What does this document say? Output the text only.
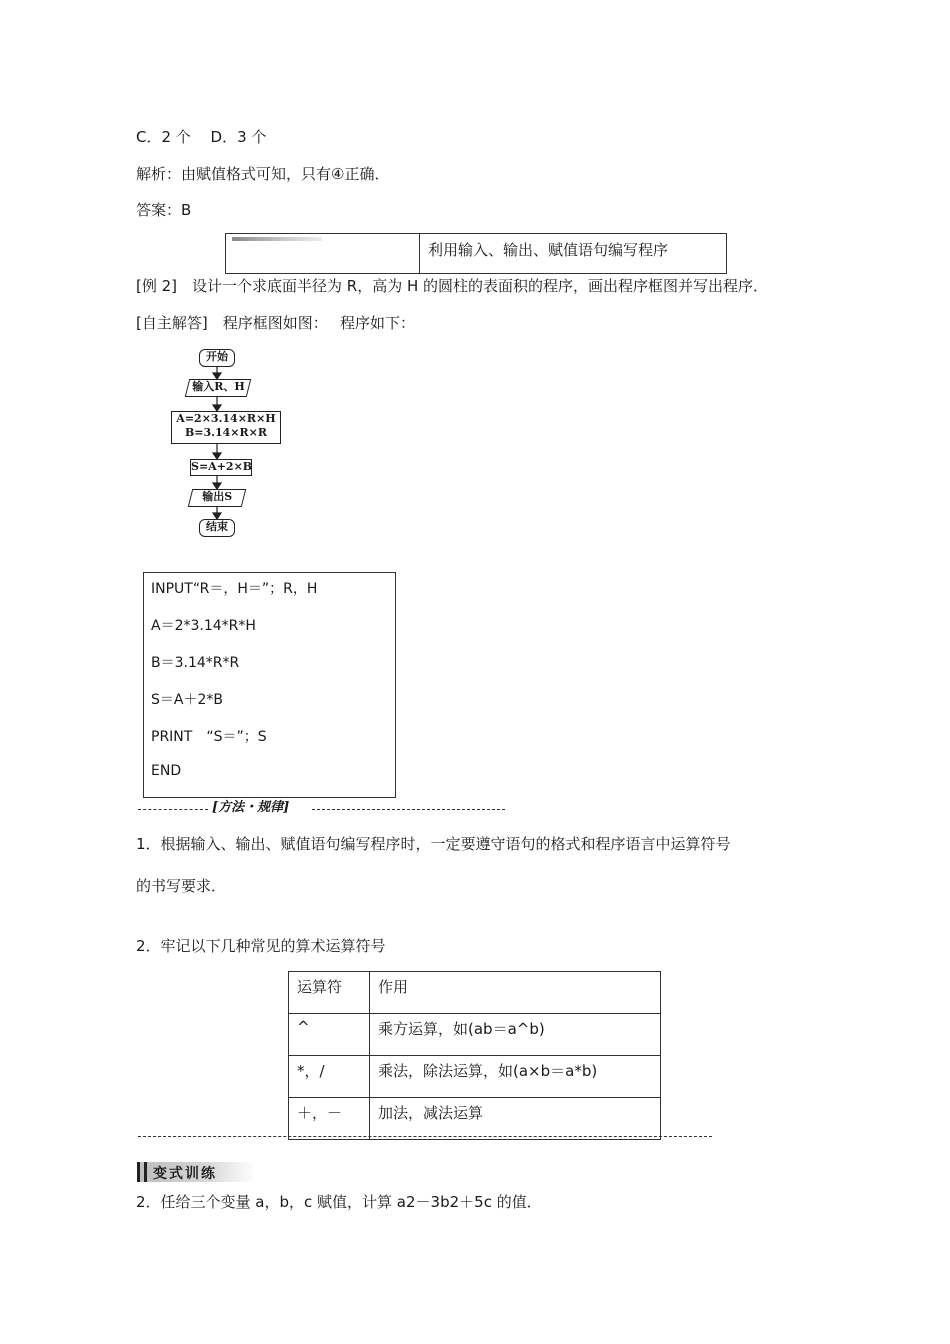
C．2 个　 D．3 个
解析：由赋值格式可知，只有④正确．
答案：B
利用输入、输出、赋值语句编写程序
[例 2]　设计一个求底面半径为 R，高为 H 的圆柱的表面积的程序，画出程序框图并写出程序．
[自主解答]　程序框图如图：　 程序如下：
开始
输入R、H
A=2×3.14×R×H
B=3.14×R×R
S=A+2×B
输出S
结束
INPUT“R＝，H＝”；R，H
A＝2*3.14*R*H
B＝3.14*R*R
S＝A＋2*B
PRINT　“S＝”；S
END
[方法・规律]
1．根据输入、输出、赋值语句编写程序时，一定要遵守语句的格式和程序语言中运算符号
的书写要求．
2．牢记以下几种常见的算术运算符号
运算符	作用
^	乘方运算，如(ab＝a^b)
*，/	乘法，除法运算，如(a×b＝a*b)
＋，－	加法，减法运算
变式训练
2．任给三个变量 a，b，c 赋值，计算 a2－3b2＋5c 的值．
